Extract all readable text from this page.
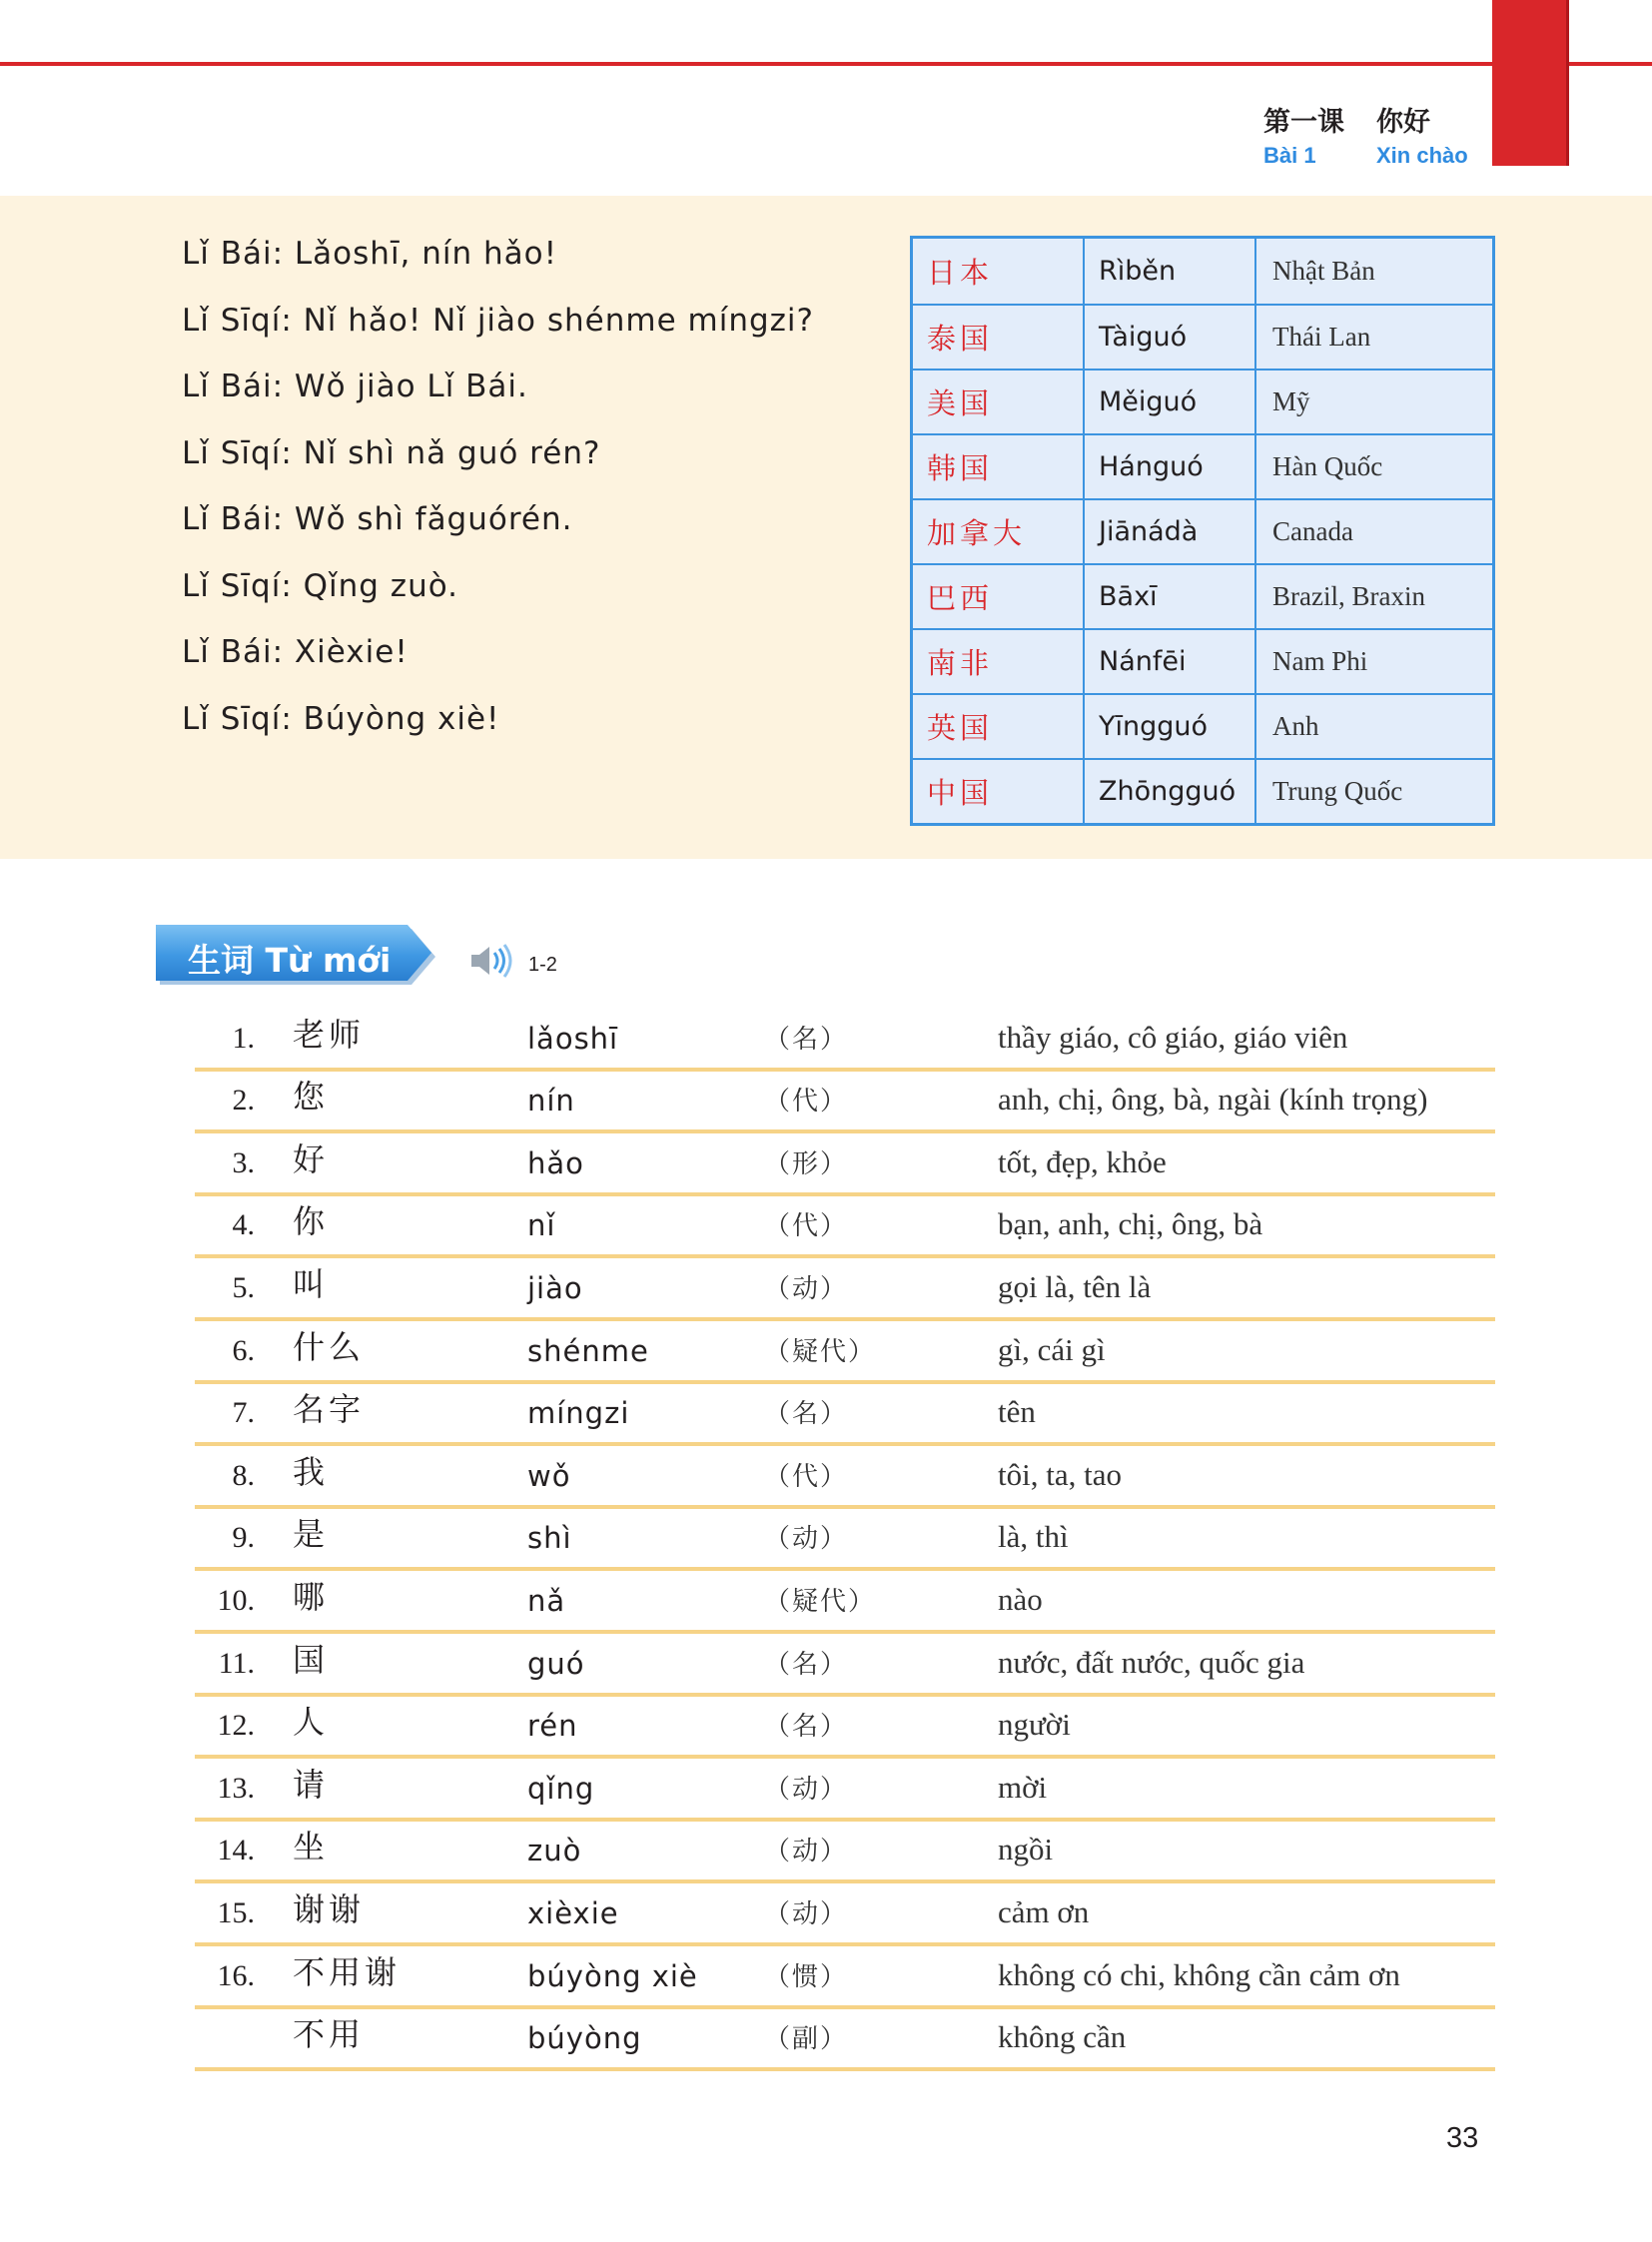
第一课
Bài 1
你好
Xin chào
Lǐ Bái: Lǎoshī, nín hǎo!
Lǐ Sīqí: Nǐ hǎo! Nǐ jiào shénme míngzi?
Lǐ Bái: Wǒ jiào Lǐ Bái.
Lǐ Sīqí: Nǐ shì nǎ guó rén?
Lǐ Bái: Wǒ shì fǎguórén.
Lǐ Sīqí: Qǐng zuò.
Lǐ Bái: Xièxie!
Lǐ Sīqí: Búyòng xiè!
日本	Rìběn	Nhật Bản
泰国	Tàiguó	Thái Lan
美国	Měiguó	Mỹ
韩国	Hánguó	Hàn Quốc
加拿大	Jiānádà	Canada
巴西	Bāxī	Brazil, Braxin
南非	Nánfēi	Nam Phi
英国	Yīngguó	Anh
中国	Zhōngguó	Trung Quốc
生词 Từ mới	1-2
1. 老师	lǎoshī	（名）	thầy giáo, cô giáo, giáo viên
2. 您	nín	（代）	anh, chị, ông, bà, ngài (kính trọng)
3. 好	hǎo	（形）	tốt, đẹp, khỏe
4. 你	nǐ	（代）	bạn, anh, chị, ông, bà
5. 叫	jiào	（动）	gọi là, tên là
6. 什么	shénme	（疑代）	gì, cái gì
7. 名字	míngzi	（名）	tên
8. 我	wǒ	（代）	tôi, ta, tao
9. 是	shì	（动）	là, thì
10. 哪	nǎ	（疑代）	nào
11. 国	guó	（名）	nước, đất nước, quốc gia
12. 人	rén	（名）	người
13. 请	qǐng	（动）	mời
14. 坐	zuò	（动）	ngồi
15. 谢谢	xièxie	（动）	cảm ơn
16. 不用谢	búyòng xiè	（惯）	không có chi, không cần cảm ơn
不用	búyòng	（副）	không cần
33
